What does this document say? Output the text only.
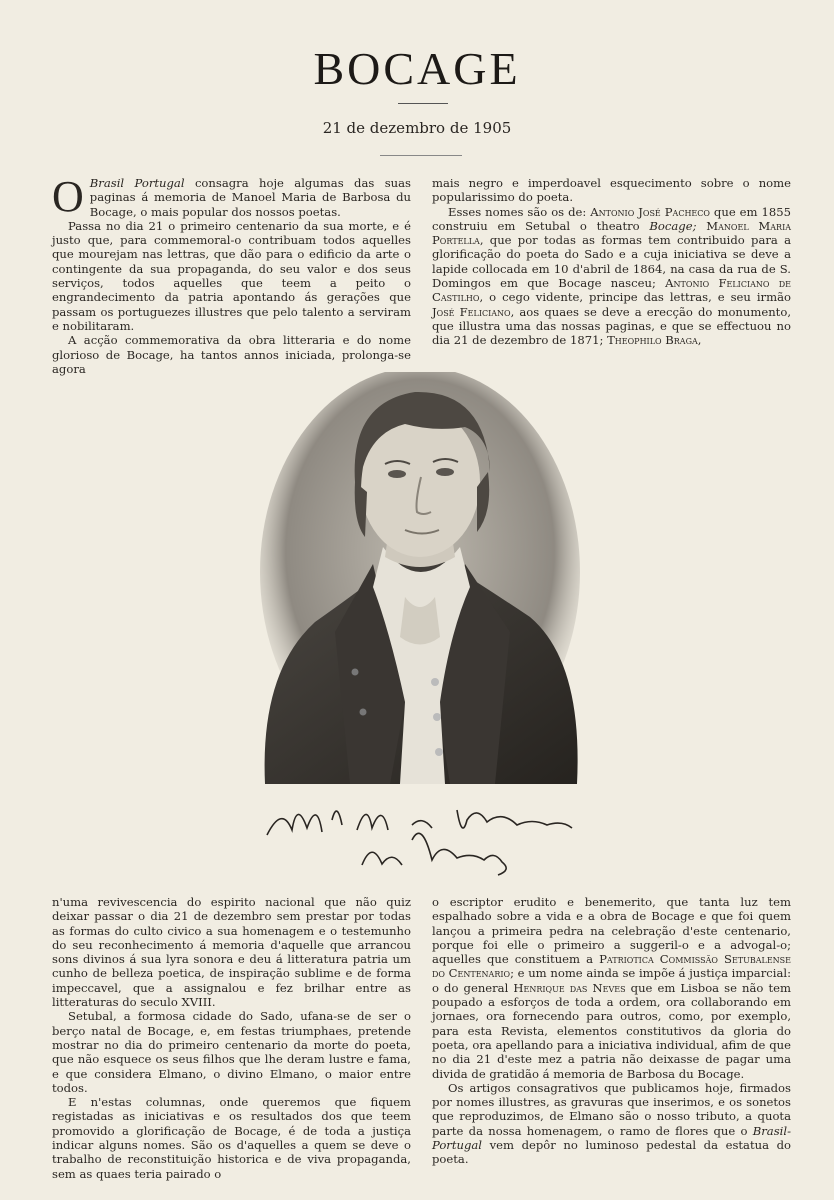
BOCAGE
21 de dezembro de 1905

O Brasil Portugal consagra hoje algumas das suas paginas á memoria de Manoel Maria de Barbosa du Bocage, o mais popular dos nossos poetas.

Passa no dia 21 o primeiro centenario da sua morte, e é justo que, para commemoral-o contribuam todos aquelles que mourejam nas lettras, que dão para o edificio da arte o contingente da sua propaganda, do seu valor e dos seus serviços, todos aquelles que teem a peito o engrandecimento da patria apontando ás gerações que passam os portuguezes illustres que pelo talento a serviram e nobilitaram.

A acção commemorativa da obra litteraria e do nome glorioso de Bocage, ha tantos annos iniciada, prolonga-se agora

mais negro e imperdoavel esquecimento sobre o nome popularissimo do poeta.

Esses nomes são os de: Antonio José Pacheco que em 1855 construiu em Setubal o theatro Bocage; Manoel Maria Portella, que por todas as formas tem contribuido para a glorificação do poeta do Sado e a cuja iniciativa se deve a lapide collocada em 10 d'abril de 1864, na casa da rua de S. Domingos em que Bocage nasceu; Antonio Feliciano de Castilho, o cego vidente, principe das lettras, e seu irmão José Feliciano, aos quaes se deve a erecção do monumento, que illustra uma das nossas paginas, e que se effectuou no dia 21 de dezembro de 1871; Theophilo Braga,

n'uma revivescencia do espirito nacional que não quiz deixar passar o dia 21 de dezembro sem prestar por todas as formas do culto civico a sua homenagem e o testemunho do seu reconhecimento á memoria d'aquelle que arrancou sons divinos á sua lyra sonora e deu á litteratura patria um cunho de belleza poetica, de inspiração sublime e de forma impeccavel, que a assignalou e fez brilhar entre as litteraturas do seculo XVIII.

Setubal, a formosa cidade do Sado, ufana-se de ser o berço natal de Bocage, e, em festas triumphaes, pretende mostrar no dia do primeiro centenario da morte do poeta, que não esquece os seus filhos que lhe deram lustre e fama, e que considera Elmano, o divino Elmano, o maior entre todos.

E n'estas columnas, onde queremos que fiquem registadas as iniciativas e os resultados dos que teem promovido a glorificação de Bocage, é de toda a justiça indicar alguns nomes. São os d'aquelles a quem se deve o trabalho de reconstituição historica e de viva propaganda, sem as quaes teria pairado o

o escriptor erudito e benemerito, que tanta luz tem espalhado sobre a vida e a obra de Bocage e que foi quem lançou a primeira pedra na celebração d'este centenario, porque foi elle o primeiro a suggeril-o e a advogal-o; aquelles que constituem a Patriotica Commissão Setubalense do Centenario; e um nome ainda se impõe á justiça imparcial: o do general Henrique das Neves que em Lisboa se não tem poupado a esforços de toda a ordem, ora collaborando em jornaes, ora fornecendo para outros, como, por exemplo, para esta Revista, elementos constitutivos da gloria do poeta, ora apellando para a iniciativa individual, afim de que no dia 21 d'este mez a patria não deixasse de pagar uma divida de gratidão á memoria de Barbosa du Bocage.

Os artigos consagrativos que publicamos hoje, firmados por nomes illustres, as gravuras que inserimos, e os sonetos que reproduzimos, de Elmano são o nosso tributo, a quota parte da nossa homenagem, o ramo de flores que o Brasil-Portugal vem depôr no luminoso pedestal da estatua do poeta.
